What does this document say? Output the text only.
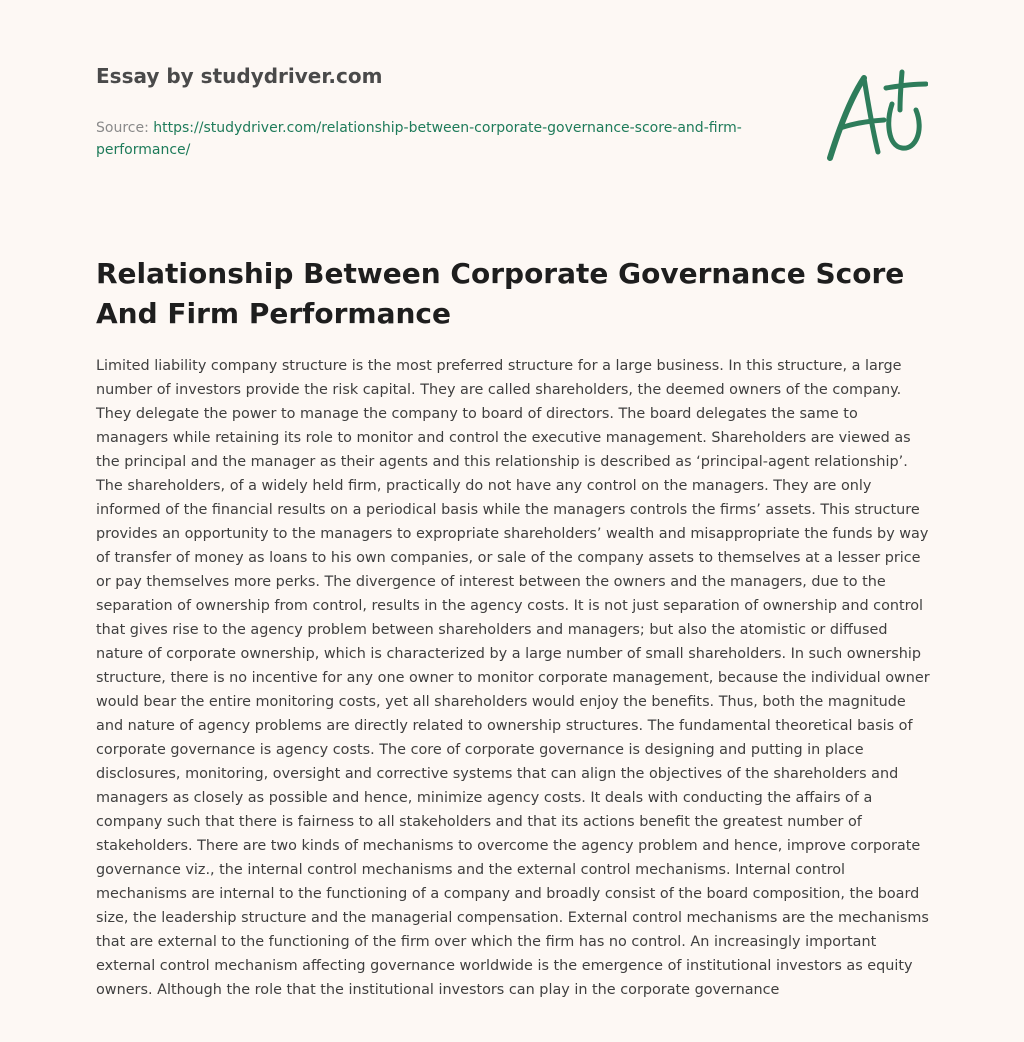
Essay by studydriver.com
Source: https://studydriver.com/relationship-between-corporate-governance-score-and-firm-performance/
Relationship Between Corporate Governance Score And Firm Performance

Limited liability company structure is the most preferred structure for a large business. In this structure, a large number of investors provide the risk capital. They are called shareholders, the deemed owners of the company. They delegate the power to manage the company to board of directors. The board delegates the same to managers while retaining its role to monitor and control the executive management. Shareholders are viewed as the principal and the manager as their agents and this relationship is described as ‘principal-agent relationship’. The shareholders, of a widely held firm, practically do not have any control on the managers. They are only informed of the financial results on a periodical basis while the managers controls the firms’ assets. This structure provides an opportunity to the managers to expropriate shareholders’ wealth and misappropriate the funds by way of transfer of money as loans to his own companies, or sale of the company assets to themselves at a lesser price or pay themselves more perks. The divergence of interest between the owners and the managers, due to the separation of ownership from control, results in the agency costs. It is not just separation of ownership and control that gives rise to the agency problem between shareholders and managers; but also the atomistic or diffused nature of corporate ownership, which is characterized by a large number of small shareholders. In such ownership structure, there is no incentive for any one owner to monitor corporate management, because the individual owner would bear the entire monitoring costs, yet all shareholders would enjoy the benefits. Thus, both the magnitude and nature of agency problems are directly related to ownership structures. The fundamental theoretical basis of corporate governance is agency costs. The core of corporate governance is designing and putting in place disclosures, monitoring, oversight and corrective systems that can align the objectives of the shareholders and managers as closely as possible and hence, minimize agency costs. It deals with conducting the affairs of a company such that there is fairness to all stakeholders and that its actions benefit the greatest number of stakeholders. There are two kinds of mechanisms to overcome the agency problem and hence, improve corporate governance viz., the internal control mechanisms and the external control mechanisms. Internal control mechanisms are internal to the functioning of a company and broadly consist of the board composition, the board size, the leadership structure and the managerial compensation. External control mechanisms are the mechanisms that are external to the functioning of the firm over which the firm has no control. An increasingly important external control mechanism affecting governance worldwide is the emergence of institutional investors as equity owners. Although the role that the institutional investors can play in the corporate governance
